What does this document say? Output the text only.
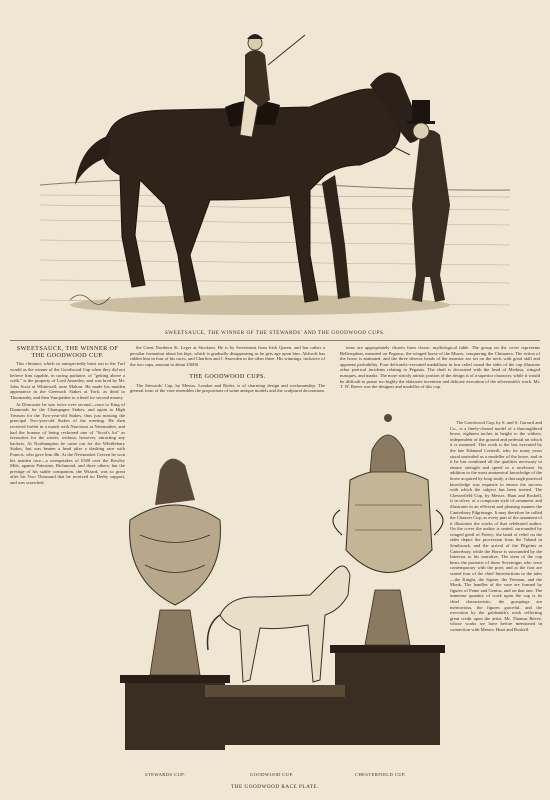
SWEETSAUCE, THE WINNER OF THE STEWARDS' AND THE GOODWOOD CUPS.
SWEETSAUCE, THE WINNER OF THE GOODWOOD CUP.

This chestnut, which so unexpectedly burst out to the Turf would as the winner of the Goodwood Cup when they did not believe him capable, in racing parlance, of "getting above a walk," is the property of Lord Annesley, and was bred by Mr. John Scott at Whitewall, near Malton. He made his maiden appearance in the Greenock Stakes at York, as third to Thormanby, and then Vanquisher to a head for second money.

At Doncaster he was twice over second—once to King of Diamonds for the Champagne Stakes, and again to High Treason for the Two-year-old Stakes, thus just missing the principal Two-year-old Stakes of the meeting. He then received forfeit in a match with Narcissus at Newmarket, and had the honour of being reckoned one of "Scott's lot" as favourites for the winter, without, however, attracting any backers. At Northampton he came out for the Whittlebury Stakes, but was beaten a head after a slashing race with Francis, who gave him 4lb. At the Newmarket Craven he won his maiden race—a sweepstakes of £500 over the Rowley Mile, against Palestine, Richmond, and three others; but the prestige of his stable companion, the Wizard, was so great after his Two Thousand that he received no Derby support, and was scratched.

the Great Northern St. Leger at Stockton. He is by Sweetmeat from Irish Queen, and has rather a peculiar formation about his hips, which is gradually disappearing as he gets age upon him. Aldcroft has ridden him in four of his races, and Charlton and J. Snowden in the other three. His winnings, inclusive of the two cups, amount to about £3000.

THE GOODWOOD CUPS.

The Stewards' Cup, by Messrs. London and Ryder, is of charming design and workmanship. The general form of the vase resembles the proportions of some antique models and the sculptural decorations

tions are appropriately chosen from classic mythological fable. The group on the cover represents Bellerophon, mounted on Pegasus, the winged horse of the Muses, conquering the Chimaera. The action of the horse is animated, and the three diverse heads of the monster are set on the neck with great skill and apparent probability. Four delicately-executed medallions in low relief round the sides of the cup illustrate other poetical incidents relating to Pegasus. The shaft is decorated with the head of Medusa, winged masques, and masks. The more strictly artistic portion of the design is of a superior character, while it would be difficult to praise too highly the elaborate invention and delicate execution of the silversmith's work. Mr. T. W. Reeve was the designer and modeller of this cup.

The Goodwood Cup, by S. and S. Garrard and Co., is a finely-chased model of a thoroughbred horse, eighteen inches in height to the withers, independent of the ground and pedestal on which it is mounted. This work is the last executed by the late Edmund Cotterill, who for many years stood unrivaled as a modeller of the horse, and in it he has combined all the qualities necessary to ensure strength and speed in a racehorse. In addition to the most anatomical knowledge of the horse acquired by long study, a thorough practical knowledge was requisite to ensure the success with which the subject has been treated. The Chesterfield Cup, by Messrs. Hunt and Roskell, is in silver, of a composite style of ornament, and illustrates in an efficient and pleasing manner the Canterbury Pilgrimage. It may therefore be called the Chaucer Cup, as every part of the ornament of it illustrates the works of that celebrated author. On the cover the author is seated, surrounded by winged geniI of Poetry; the band of relief on the sides depict the procession from the Tabard in Southwark, and the arrival of the Pilgrims at Canterbury, while the Horse is surrounded by the Interests to his narrative. The stem of the cup bears the portraits of those Sovereigns who were contemporary with the poet; and at the foot are seated four of the chief Introductions to the tales—the Knight, the Squire, the Yeoman, and the Monk. The handles of the vase are formed by figures of Fame and Genius, and on that one. The immense quantity of work upon the cup is its chief characteristic, the groupings are meritorious, the figures graceful, and the execution by the goldsmith's work reflecting great credit upon the artist, Mr. Thomas Reeve, whose works we have before mentioned in connection with Messrs. Hunt and Roskell.

STEWARDS CUP.	GOODWOOD CUP.	CHESTERFIELD CUP.
THE GOODWOOD RACE PLATE.
